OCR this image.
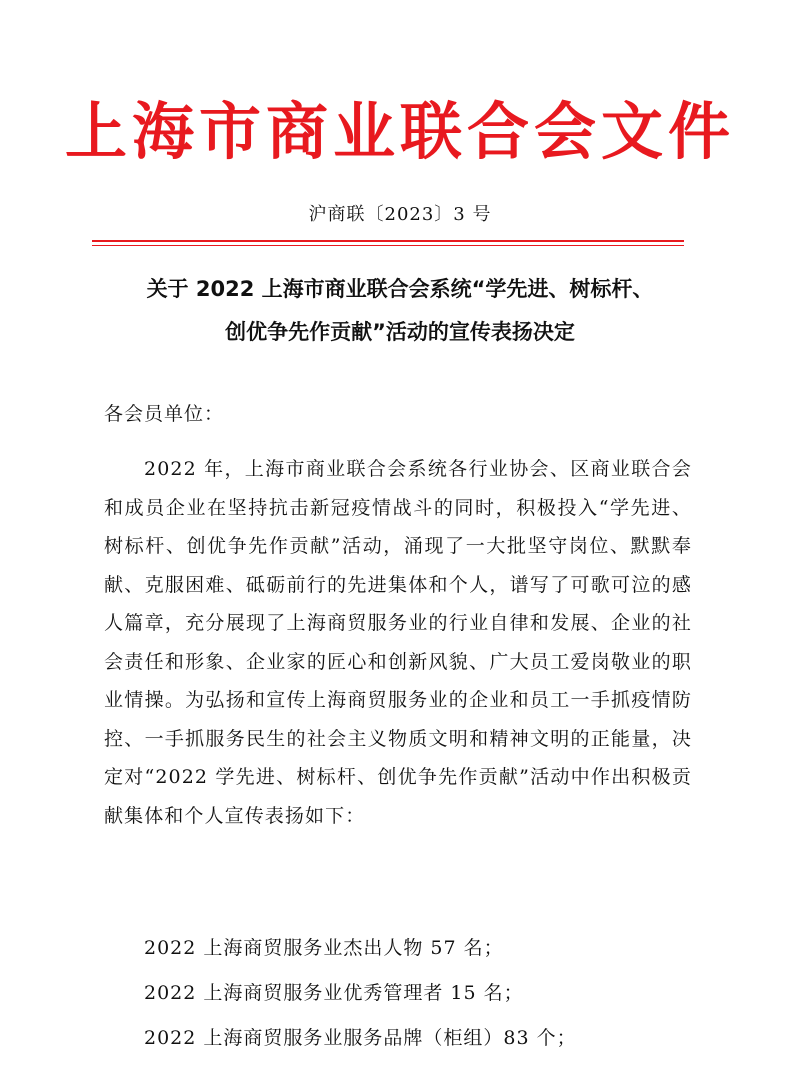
上海市商业联合会文件
沪商联〔2023〕3 号
关于 2022 上海市商业联合会系统“学先进、树标杆、
创优争先作贡献”活动的宣传表扬决定
各会员单位：

2022 年，上海市商业联合会系统各行业协会、区商业联合会和成员企业在坚持抗击新冠疫情战斗的同时，积极投入“学先进、树标杆、创优争先作贡献”活动，涌现了一大批坚守岗位、默默奉献、克服困难、砥砺前行的先进集体和个人，谱写了可歌可泣的感人篇章，充分展现了上海商贸服务业的行业自律和发展、企业的社会责任和形象、企业家的匠心和创新风貌、广大员工爱岗敬业的职业情操。为弘扬和宣传上海商贸服务业的企业和员工一手抓疫情防控、一手抓服务民生的社会主义物质文明和精神文明的正能量，决定对“2022 学先进、树标杆、创优争先作贡献”活动中作出积极贡献集体和个人宣传表扬如下：

2022 上海商贸服务业杰出人物 57 名；
2022 上海商贸服务业优秀管理者 15 名；
2022 上海商贸服务业服务品牌（柜组）83 个；
